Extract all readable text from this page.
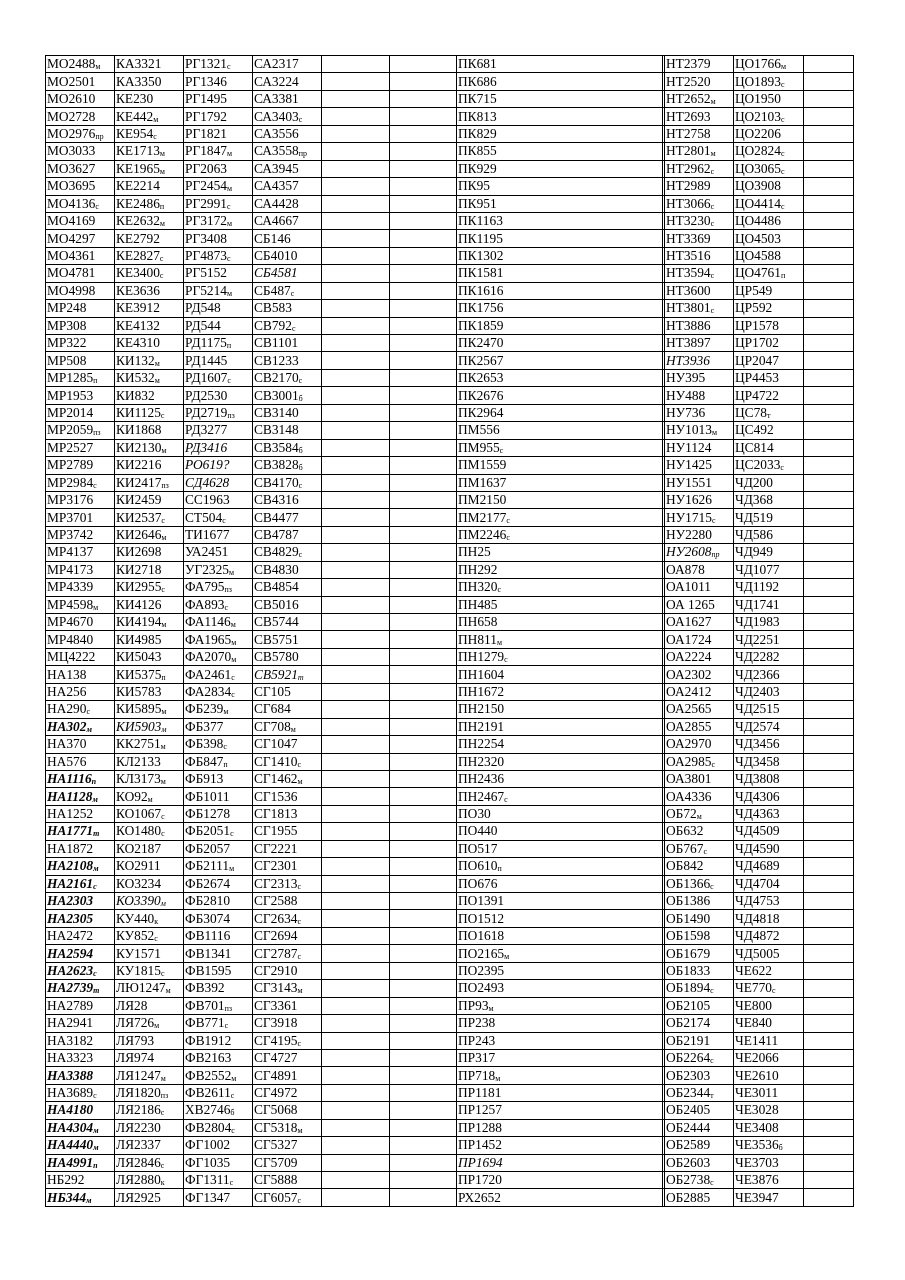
$МО2488_м$	КА3321	$РГ1321_с$	СА2317			ПК681		НТ2379	$ЦО1766_м$	
МО2501	КА3350	РГ1346	СА3224			ПК686		НТ2520	$ЦО1893_с$	
МО2610	КЕ230	РГ1495	СА3381			ПК715		$НТ2652_м$	ЦО1950	
МО2728	$КЕ442_м$	РГ1792	$СА3403_с$			ПК813		НТ2693	$ЦО2103_с$	
$МО2976_{пр}$	$КЕ954_с$	РГ1821	СА3556			ПК829		НТ2758	ЦО2206	
МО3033	$КЕ1713_м$	$РГ1847_м$	$СА3558_{пр}$			ПК855		$НТ2801_м$	$ЦО2824_с$	
МО3627	$КЕ1965_м$	РГ2063	СА3945			ПК929		$НТ2962_с$	$ЦО3065_с$	
МО3695	КЕ2214	$РГ2454_м$	СА4357			ПК95		НТ2989	ЦО3908	
$МО4136_с$	$КЕ2486_п$	$РГ2991_с$	СА4428			ПК951		$НТ3066_с$	$ЦО4414_с$	
МО4169	$КЕ2632_м$	$РГ3172_м$	СА4667			ПК1163		$НТ3230_с$	ЦО4486	
МО4297	КЕ2792	РГ3408	СБ146			ПК1195		НТ3369	ЦО4503	
МО4361	$КЕ2827_с$	$РГ4873_с$	СБ4010			ПК1302		НТ3516	ЦО4588	
МО4781	$КЕ3400_с$	РГ5152	СБ4581			ПК1581		$НТ3594_с$	$ЦО4761_п$	
МО4998	КЕ3636	$РГ5214_м$	$СБ487_с$			ПК1616		НТ3600	ЦР549	
МР248	КЕ3912	РД548	СВ583			ПК1756		$НТ3801_с$	ЦР592	
МР308	КЕ4132	РД544	$СВ792_с$			ПК1859		НТ3886	ЦР1578	
МР322	КЕ4310	$РД1175_п$	СВ1101			ПК2470		НТ3897	ЦР1702	
МР508	$КИ132_м$	РД1445	СВ1233			ПК2567		НТ3936	ЦР2047	
$МР1285_п$	$КИ532_м$	$РД1607_с$	$СВ2170_с$			ПК2653		НУ395	ЦР4453	
МР1953	КИ832	РД2530	$СВ3001_б$			ПК2676		НУ488	ЦР4722	
МР2014	$КИ1125_с$	$РД2719_{пз}$	СВ3140			ПК2964		НУ736	$ЦС78_т$	
$МР2059_{пз}$	КИ1868	РД3277	СВ3148			ПМ556		$НУ1013_м$	ЦС492	
МР2527	$КИ2130_м$	РД3416	$СВ3584_б$			$ПМ955_с$		НУ1124	ЦС814	
МР2789	КИ2216	РО619?	$СВ3828_б$			ПМ1559		НУ1425	$ЦС2033_с$	
$МР2984_с$	$КИ2417_{пз}$	СД4628	$СВ4170_с$			ПМ1637		НУ1551	ЧД200	
МР3176	КИ2459	СС1963	СВ4316			ПМ2150		НУ1626	ЧД368	
МР3701	$КИ2537_с$	$СТ504_с$	СВ4477			$ПМ2177_с$		$НУ1715_с$	ЧД519	
МР3742	$КИ2646_м$	ТИ1677	СВ4787			$ПМ2246_с$		НУ2280	ЧД586	
МР4137	КИ2698	УА2451	$СВ4829_с$			ПН25		$НУ2608_{пр}$	ЧД949	
МР4173	КИ2718	$УГ2325_м$	СВ4830			ПН292		ОА878	ЧД1077	
МР4339	$КИ2955_с$	$ФА795_{пз}$	СВ4854			$ПН320_с$		ОА1011	ЧД1192	
$МР4598_м$	КИ4126	$ФА893_с$	СВ5016			ПН485		ОА 1265	ЧД1741	
МР4670	$КИ4194_м$	$ФА1146_м$	СВ5744			ПН658		ОА1627	ЧД1983	
МР4840	КИ4985	$ФА1965_м$	СВ5751			$ПН811_м$		ОА1724	ЧД2251	
МЦ4222	КИ5043	$ФА2070_м$	СВ5780			$ПН1279_с$		ОА2224	ЧД2282	
НА138	$КИ5375_п$	$ФА2461_с$	$СВ5921_т$			ПН1604		ОА2302	ЧД2366	
НА256	КИ5783	$ФА2834_с$	СГ105			ПН1672		ОА2412	ЧД2403	
$НА290_с$	$КИ5895_м$	$ФБ239_м$	СГ684			ПН2150		ОА2565	ЧД2515	
$НА302_м$	$КИ5903_м$	ФБ377	$СГ708_м$			ПН2191		ОА2855	ЧД2574	
НА370	$КК2751_м$	$ФБ398_с$	СГ1047			ПН2254		ОА2970	ЧД3456	
НА576	КЛ2133	$ФБ847_п$	$СГ1410_с$			ПН2320		$ОА2985_с$	ЧД3458	
$НА1116_п$	$КЛ3173_м$	ФБ913	$СГ1462_м$			ПН2436		ОА3801	ЧД3808	
$НА1128_м$	$КО92_м$	ФБ1011	СГ1536			$ПН2467_с$		ОА4336	ЧД4306	
НА1252	$КО1067_с$	ФБ1278	СГ1813			ПО30		$ОБ72_м$	ЧД4363	
$НА1771_т$	$КО1480_с$	$ФБ2051_с$	СГ1955			ПО440		ОБ632	ЧД4509	
НА1872	КО2187	ФБ2057	СГ2221			ПО517		$ОБ767_с$	ЧД4590	
$НА2108_м$	КО2911	$ФБ2111_м$	СГ2301			$ПО610_п$		ОБ842	ЧД4689	
$НА2161_с$	КО3234	ФБ2674	$СГ2313_с$			ПО676		$ОБ1366_с$	ЧД4704	
НА2303	$КО3390_м$	ФБ2810	СГ2588			ПО1391		ОБ1386	ЧД4753	
НА2305	$КУ440_к$	ФБ3074	$СГ2634_с$			ПО1512		ОБ1490	ЧД4818	
НА2472	$КУ852_с$	ФВ1116	СГ2694			ПО1618		ОБ1598	ЧД4872	
НА2594	КУ1571	ФВ1341	$СГ2787_с$			$ПО2165_м$		ОБ1679	ЧД5005	
$НА2623_с$	$КУ1815_с$	ФВ1595	СГ2910			ПО2395		ОБ1833	ЧЕ622	
$НА2739_т$	$ЛЮ1247_м$	ФВ392	$СГ3143_м$			ПО2493		$ОБ1894_с$	$ЧЕ770_с$	
НА2789	ЛЯ28	$ФВ701_{пз}$	СГ3361			$ПР93_м$		ОБ2105	ЧЕ800	
НА2941	$ЛЯ726_м$	$ФВ771_с$	СГ3918			ПР238		ОБ2174	ЧЕ840	
НА3182	ЛЯ793	ФВ1912	$СГ4195_с$			ПР243		ОБ2191	ЧЕ1411	
НА3323	ЛЯ974	ФВ2163	СГ4727			ПР317		$ОБ2264_с$	ЧЕ2066	
НА3388	$ЛЯ1247_м$	$ФВ2552_м$	СГ4891			$ПР718_м$		ОБ2303	ЧЕ2610	
$НА3689_с$	$ЛЯ1820_{пз}$	$ФВ2611_с$	СГ4972			ПР1181		$ОБ2344_т$	ЧЕ3011	
НА4180	$ЛЯ2186_с$	$ХВ2746_б$	СГ5068			ПР1257		ОБ2405	ЧЕ3028	
$НА4304_м$	ЛЯ2230	$ФВ2804_с$	$СГ5318_м$			ПР1288		ОБ2444	ЧЕ3408	
$НА4440_м$	ЛЯ2337	ФГ1002	СГ5327			ПР1452		ОБ2589	$ЧЕ3536_б$	
$НА4991_п$	$ЛЯ2846_с$	ФГ1035	СГ5709			ПР1694		ОБ2603	ЧЕ3703	
НБ292	$ЛЯ2880_к$	$ФГ1311_с$	СГ5888			ПР1720		$ОБ2738_с$	ЧЕ3876	
$НБ344_м$	ЛЯ2925	ФГ1347	$СГ6057_с$			РХ2652		ОБ2885	ЧЕ3947	
